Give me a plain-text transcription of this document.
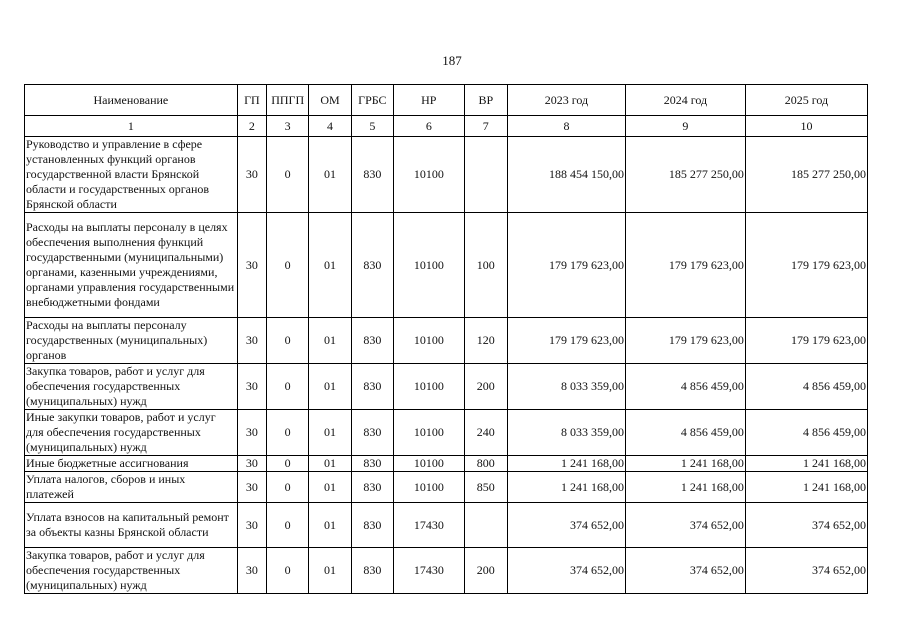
187
Наименование	ГП	ППГП	ОМ	ГРБС	НР	ВР	2023 год	2024 год	2025 год
1	2	3	4	5	6	7	8	9	10
Руководство и управление в сфере установленных функций органов государственной власти Брянской области и государственных органов Брянской области	30	0	01	830	10100		188 454 150,00	185 277 250,00	185 277 250,00
Расходы на выплаты персоналу в целях обеспечения выполнения функций государственными (муниципальными) органами, казенными учреждениями, органами управления государственными внебюджетными фондами	30	0	01	830	10100	100	179 179 623,00	179 179 623,00	179 179 623,00
Расходы на выплаты персоналу государственных (муниципальных) органов	30	0	01	830	10100	120	179 179 623,00	179 179 623,00	179 179 623,00
Закупка товаров, работ и услуг для обеспечения государственных (муниципальных) нужд	30	0	01	830	10100	200	8 033 359,00	4 856 459,00	4 856 459,00
Иные закупки товаров, работ и услуг для обеспечения государственных (муниципальных) нужд	30	0	01	830	10100	240	8 033 359,00	4 856 459,00	4 856 459,00
Иные бюджетные ассигнования	30	0	01	830	10100	800	1 241 168,00	1 241 168,00	1 241 168,00
Уплата налогов, сборов и иных платежей	30	0	01	830	10100	850	1 241 168,00	1 241 168,00	1 241 168,00
Уплата взносов на капитальный ремонт за объекты казны Брянской области	30	0	01	830	17430		374 652,00	374 652,00	374 652,00
Закупка товаров, работ и услуг для обеспечения государственных (муниципальных) нужд	30	0	01	830	17430	200	374 652,00	374 652,00	374 652,00
